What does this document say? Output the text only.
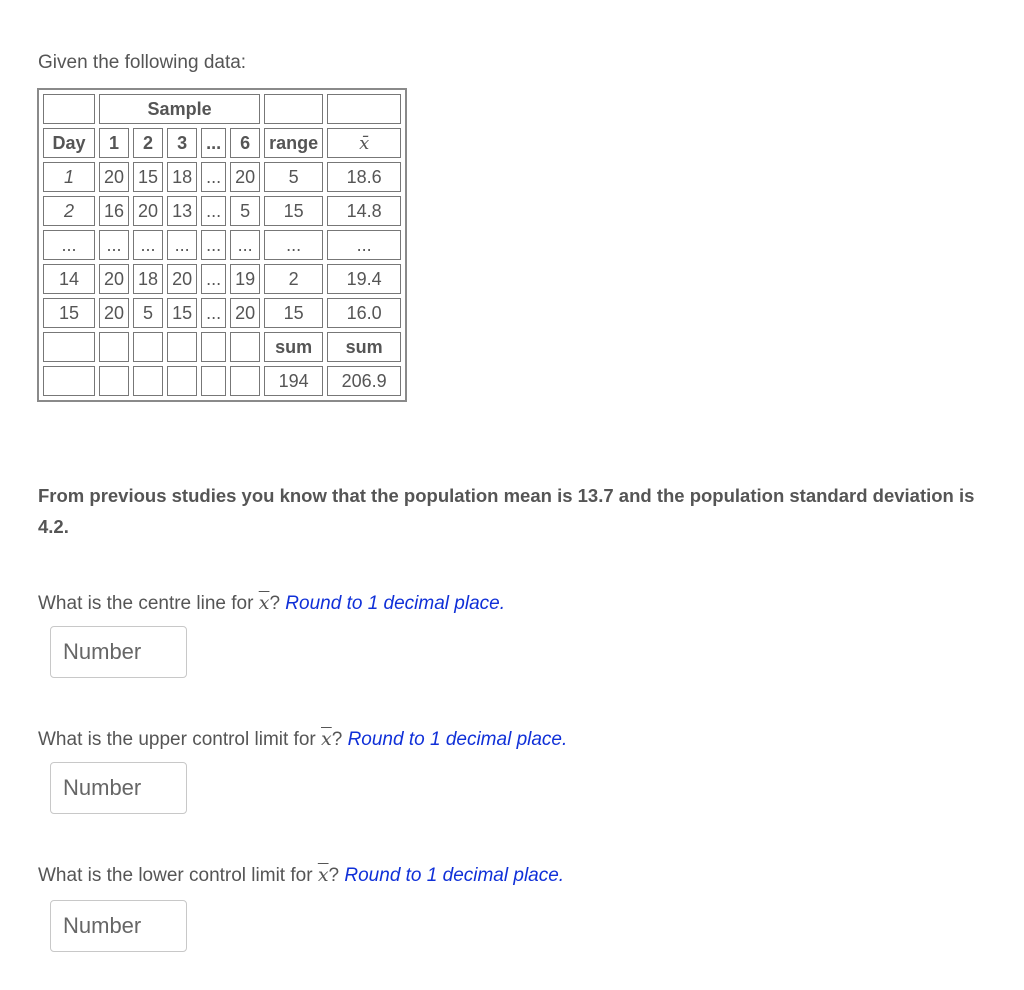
Given the following data:
	Sample						
Day	1	2	3	...	6	range	x̄
1	20	15	18	...	20	5	18.6
2	16	20	13	...	5	15	14.8
...	...	...	...	...	...	...	...
14	20	18	20	...	19	2	19.4
15	20	5	15	...	20	15	16.0
						sum	sum
						194	206.9
From previous studies you know that the population mean is 13.7 and the population standard deviation is 4.2.
What is the centre line for $\overline{x}$? Round to 1 decimal place.
Number
What is the upper control limit for $\overline{x}$? Round to 1 decimal place.
Number
What is the lower control limit for $\overline{x}$? Round to 1 decimal place.
Number
